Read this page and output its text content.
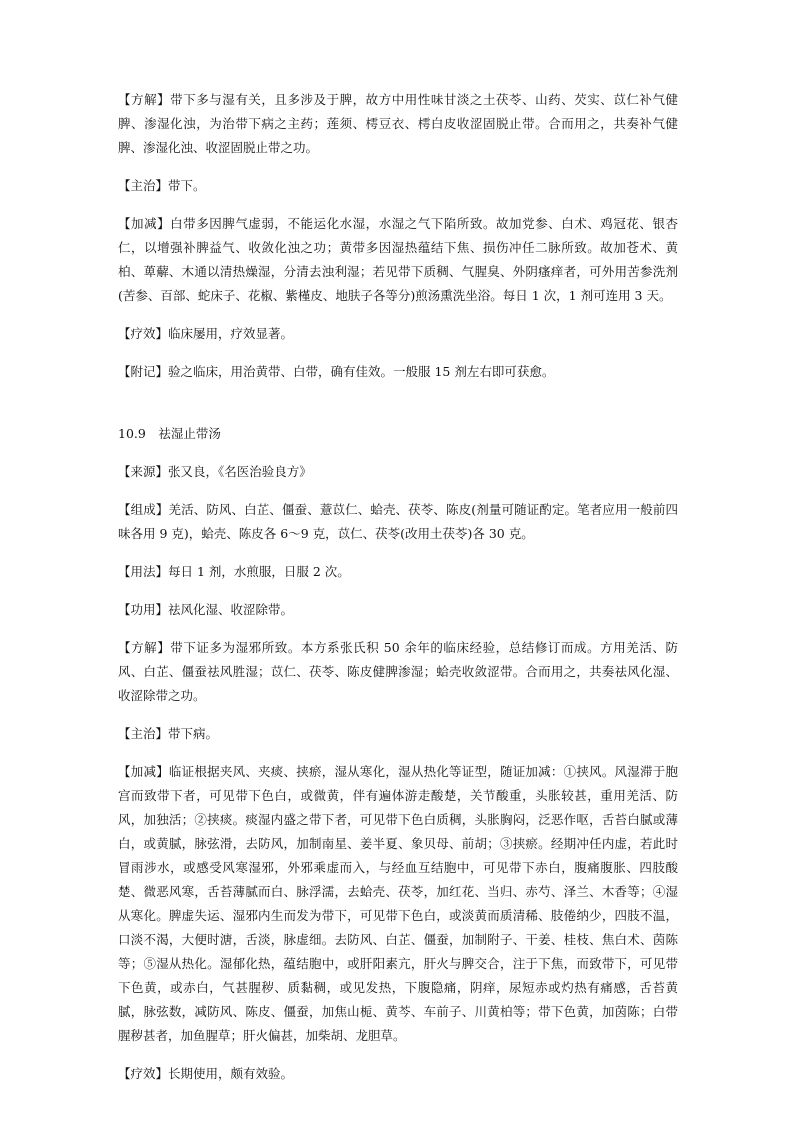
【方解】带下多与湿有关，且多涉及于脾，故方中用性味甘淡之土茯苓、山药、芡实、苡仁补气健脾、渗湿化浊，为治带下病之主药；莲须、樗豆衣、樗白皮收涩固脱止带。合而用之，共奏补气健脾、渗湿化浊、收涩固脱止带之功。

【主治】带下。

【加减】白带多因脾气虚弱，不能运化水湿，水湿之气下陷所致。故加党参、白术、鸡冠花、银杏仁，以增强补脾益气、收敛化浊之功；黄带多因湿热蕴结下焦、损伤冲任二脉所致。故加苍术、黄柏、萆薢、木通以清热燥湿，分清去浊利湿；若见带下质稠、气腥臭、外阴瘙痒者，可外用苦参洗剂(苦参、百部、蛇床子、花椒、紫槿皮、地肤子各等分)煎汤熏洗坐浴。每日 1 次，1 剂可连用 3 天。

【疗效】临床屡用，疗效显著。

【附记】验之临床，用治黄带、白带，确有佳效。一般服 15 剂左右即可获愈。

10.9　祛湿止带汤

【来源】张又良，《名医治验良方》

【组成】羌活、防风、白芷、僵蚕、薏苡仁、蛤壳、茯苓、陈皮(剂量可随证酌定。笔者应用一般前四味各用 9 克)，蛤壳、陈皮各 6～9 克，苡仁、茯苓(改用土茯苓)各 30 克。

【用法】每日 1 剂，水煎服，日服 2 次。

【功用】祛风化湿、收涩除带。

【方解】带下证多为湿邪所致。本方系张氏积 50 余年的临床经验，总结修订而成。方用羌活、防风、白芷、僵蚕祛风胜湿；苡仁、茯苓、陈皮健脾渗湿；蛤壳收敛涩带。合而用之，共奏祛风化湿、收涩除带之功。

【主治】带下病。

【加减】临证根据夹风、夹痰、挟瘀，湿从寒化，湿从热化等证型，随证加减：①挟风。风湿滞于胞宫而致带下者，可见带下色白，或微黄，伴有遍体游走酸楚，关节酸重，头胀较甚，重用羌活、防风，加独活；②挟痰。痰湿内盛之带下者，可见带下色白质稠，头胀胸闷，泛恶作呕，舌苔白腻或薄白，或黄腻，脉弦滑，去防风，加制南星、姜半夏、象贝母、前胡；③挟瘀。经期冲任内虚，若此时冒雨涉水，或感受风寒湿邪，外邪乘虚而入，与经血互结胞中，可见带下赤白，腹痛腹胀、四肢酸楚、微恶风寒，舌苔薄腻而白、脉浮濡，去蛤壳、茯苓，加红花、当归、赤芍、泽兰、木香等；④湿从寒化。脾虚失运、湿邪内生而发为带下，可见带下色白，或淡黄而质清稀、肢倦纳少，四肢不温，口淡不渴，大便时溏，舌淡，脉虚细。去防风、白芷、僵蚕，加制附子、干姜、桂枝、焦白术、茵陈等；⑤湿从热化。湿郁化热，蕴结胞中，或肝阳素亢，肝火与脾交合，注于下焦，而致带下，可见带下色黄，或赤白，气甚腥秽、质黏稠，或见发热，下腹隐痛，阴痒，尿短赤或灼热有痛感，舌苔黄腻，脉弦数，减防风、陈皮、僵蚕，加焦山栀、黄芩、车前子、川黄柏等；带下色黄，加茵陈；白带腥秽甚者，加鱼腥草；肝火偏甚，加柴胡、龙胆草。

【疗效】长期使用，颇有效验。
